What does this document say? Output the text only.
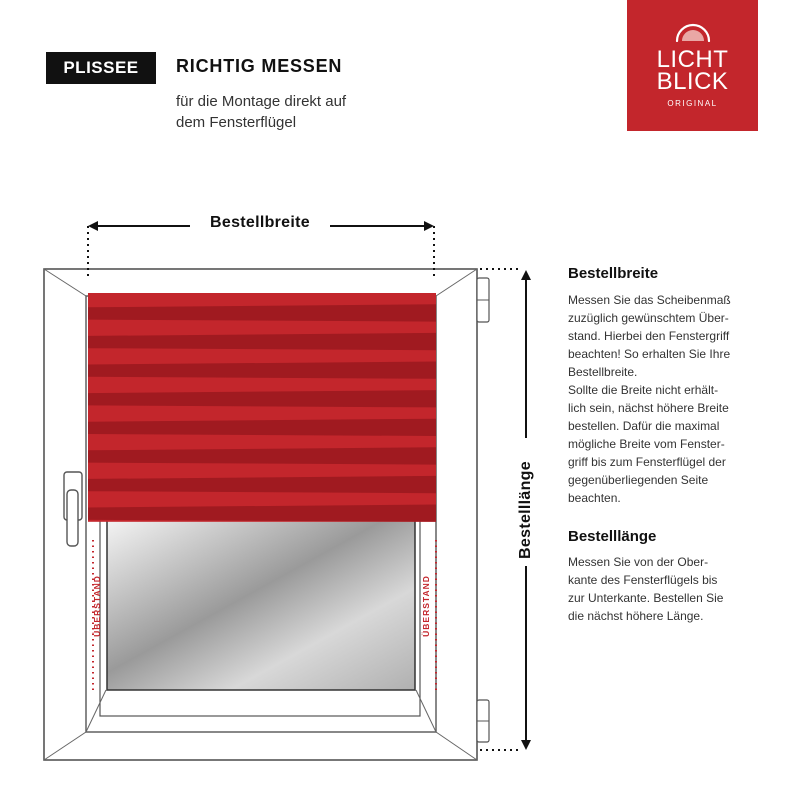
PLISSEE	RICHTIG MESSEN
für die Montage direkt auf
dem Fensterflügel
LICHT
BLICK
ORIGINAL
Bestellbreite
Bestelllänge
ÜBERSTAND	ÜBERSTAND
Bestellbreite
Messen Sie das Scheibenmaß
zuzüglich gewünschtem Über-
stand. Hierbei den Fenstergriff
beachten! So erhalten Sie Ihre
Bestellbreite.
Sollte die Breite nicht erhält-
lich sein, nächst höhere Breite
bestellen. Dafür die maximal
mögliche Breite vom Fenster-
griff bis zum Fensterflügel der
gegenüberliegenden Seite
beachten.
Bestelllänge
Messen Sie von der Ober-
kante des Fensterflügels bis
zur Unterkante. Bestellen Sie
die nächst höhere Länge.
